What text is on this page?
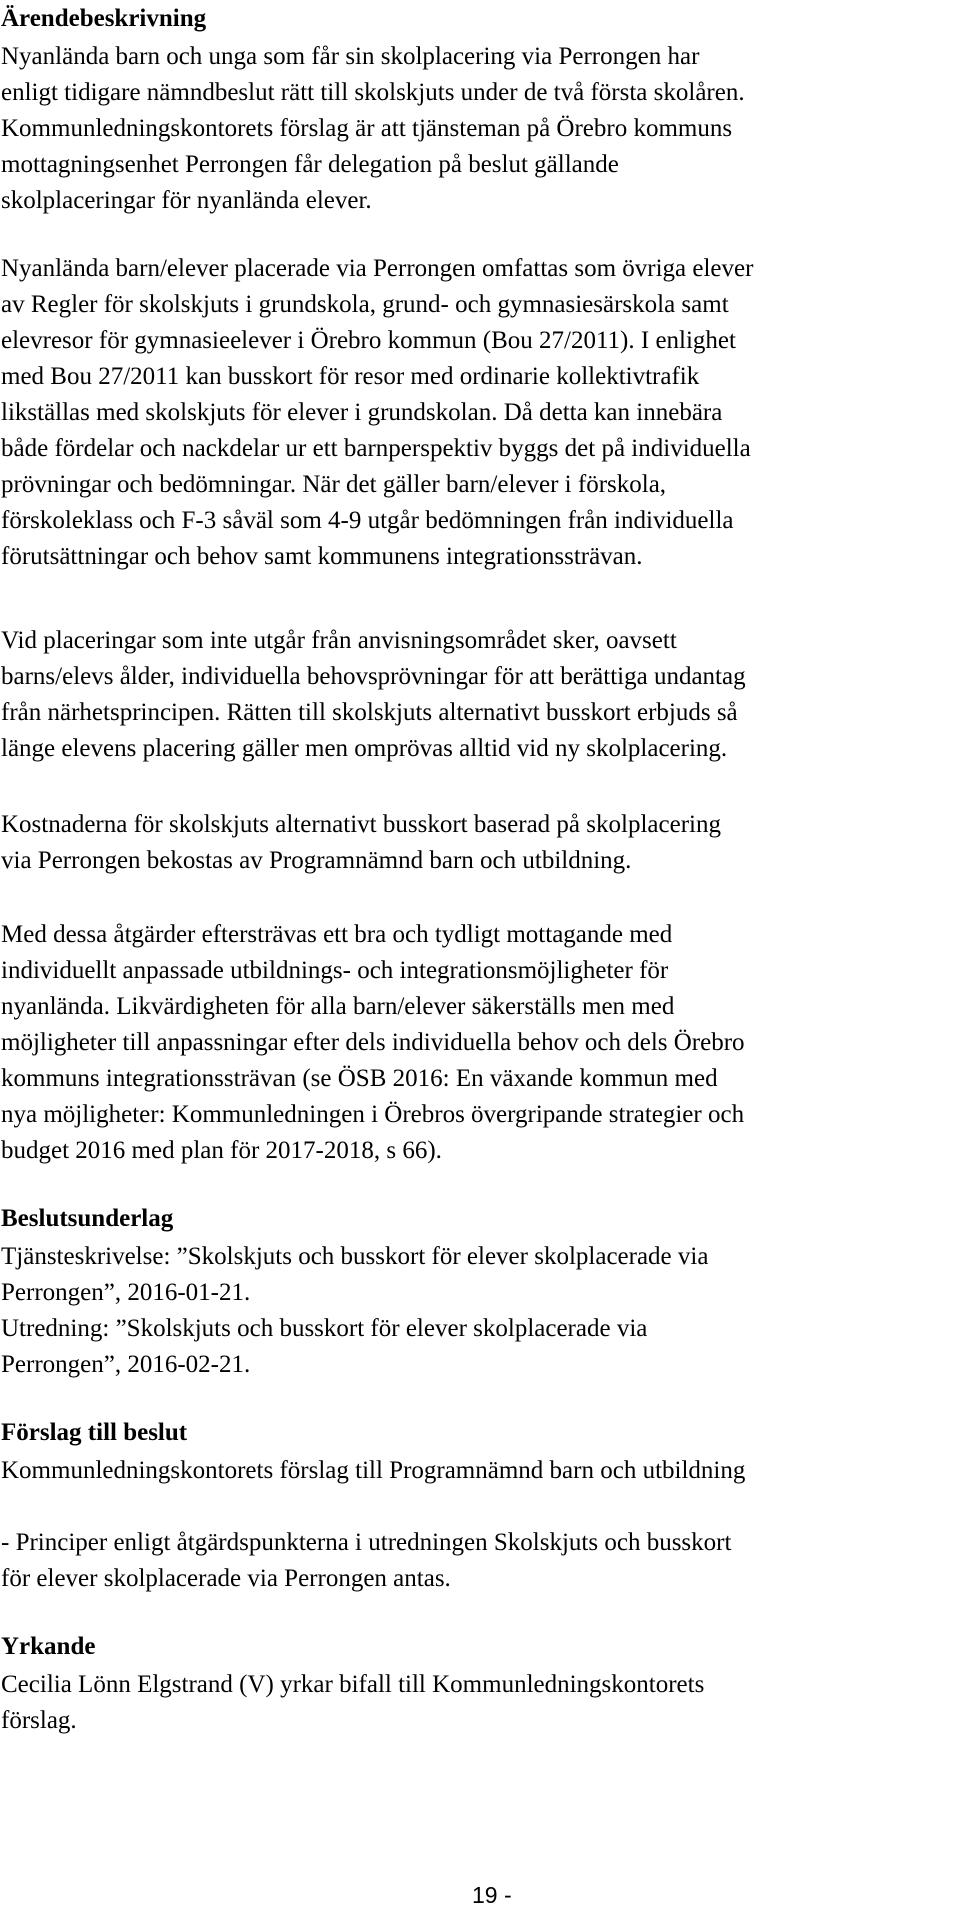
Ärendebeskrivning
Nyanlända barn och unga som får sin skolplacering via Perrongen har
enligt tidigare nämndbeslut rätt till skolskjuts under de två första skolåren.
Kommunledningskontorets förslag är att tjänsteman på Örebro kommuns
mottagningsenhet Perrongen får delegation på beslut gällande
skolplaceringar för nyanlända elever.
Nyanlända barn/elever placerade via Perrongen omfattas som övriga elever
av Regler för skolskjuts i grundskola, grund- och gymnasiesärskola samt
elevresor för gymnasieelever i Örebro kommun (Bou 27/2011). I enlighet
med Bou 27/2011 kan busskort för resor med ordinarie kollektivtrafik
likställas med skolskjuts för elever i grundskolan. Då detta kan innebära
både fördelar och nackdelar ur ett barnperspektiv byggs det på individuella
prövningar och bedömningar. När det gäller barn/elever i förskola,
förskoleklass och F-3 såväl som 4-9 utgår bedömningen från individuella
förutsättningar och behov samt kommunens integrationssträvan.
Vid placeringar som inte utgår från anvisningsområdet sker, oavsett
barns/elevs ålder, individuella behovsprövningar för att berättiga undantag
från närhetsprincipen. Rätten till skolskjuts alternativt busskort erbjuds så
länge elevens placering gäller men omprövas alltid vid ny skolplacering.
Kostnaderna för skolskjuts alternativt busskort baserad på skolplacering
via Perrongen bekostas av Programnämnd barn och utbildning.
Med dessa åtgärder eftersträvas ett bra och tydligt mottagande med
individuellt anpassade utbildnings- och integrationsmöjligheter för
nyanlända. Likvärdigheten för alla barn/elever säkerställs men med
möjligheter till anpassningar efter dels individuella behov och dels Örebro
kommuns integrationssträvan (se ÖSB 2016: En växande kommun med
nya möjligheter: Kommunledningen i Örebros övergripande strategier och
budget 2016 med plan för 2017-2018, s 66).
Beslutsunderlag
Tjänsteskrivelse: ”Skolskjuts och busskort för elever skolplacerade via
Perrongen”, 2016-01-21.
Utredning: ”Skolskjuts och busskort för elever skolplacerade via
Perrongen”, 2016-02-21.
Förslag till beslut
Kommunledningskontorets förslag till Programnämnd barn och utbildning
- Principer enligt åtgärdspunkterna i utredningen Skolskjuts och busskort
för elever skolplacerade via Perrongen antas.
Yrkande
Cecilia Lönn Elgstrand (V) yrkar bifall till Kommunledningskontorets
förslag.
19 -
